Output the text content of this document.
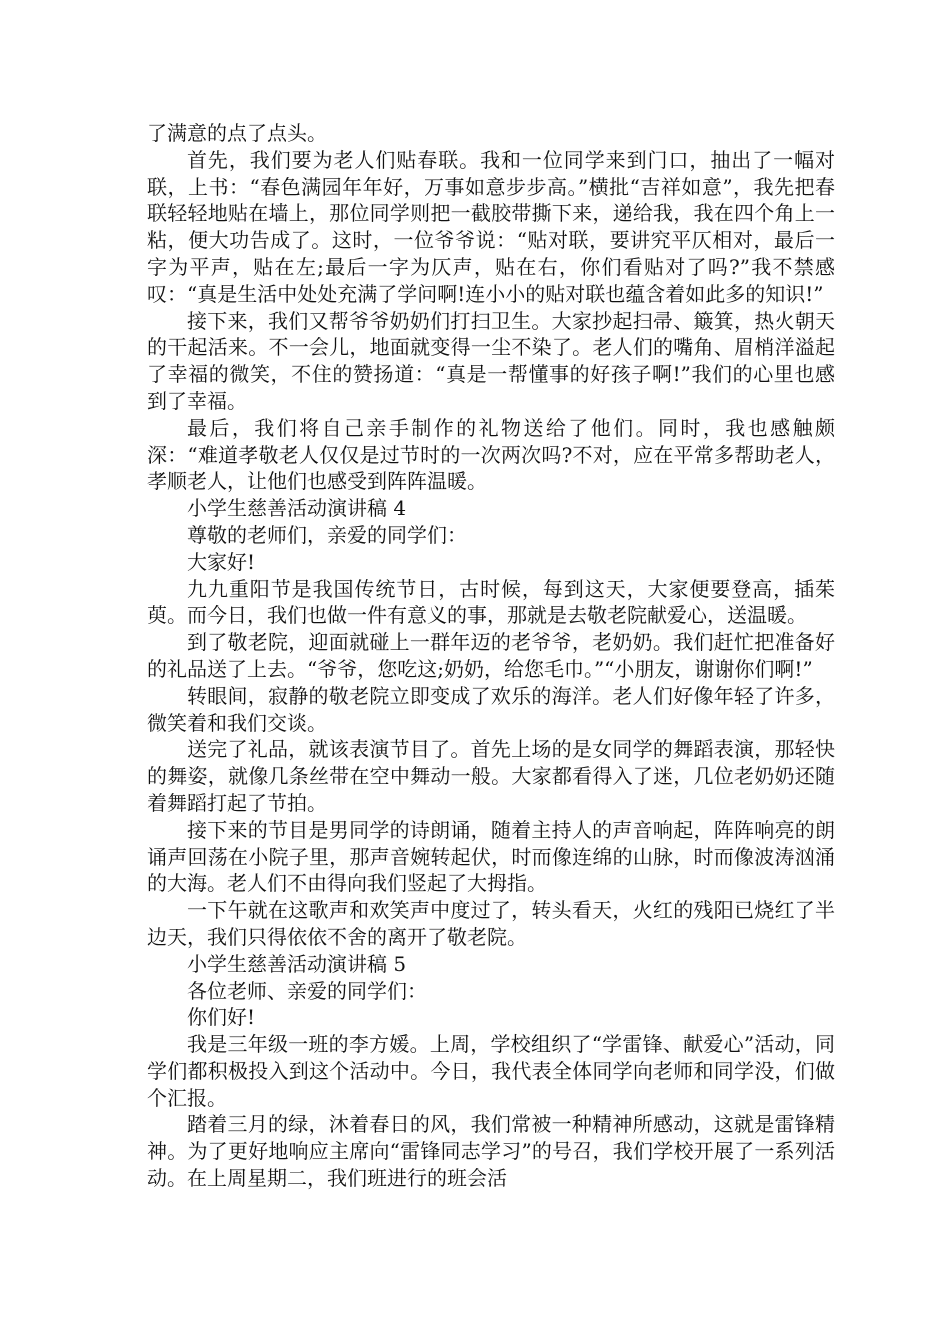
了满意的点了点头。

首先，我们要为老人们贴春联。我和一位同学来到门口，抽出了一幅对联，上书：“春色满园年年好，万事如意步步高。”横批“吉祥如意”，我先把春联轻轻地贴在墙上，那位同学则把一截胶带撕下来，递给我，我在四个角上一粘，便大功告成了。这时，一位爷爷说：“贴对联，要讲究平仄相对，最后一字为平声，贴在左;最后一字为仄声，贴在右，你们看贴对了吗?”我不禁感叹：“真是生活中处处充满了学问啊!连小小的贴对联也蕴含着如此多的知识!”

接下来，我们又帮爷爷奶奶们打扫卫生。大家抄起扫帚、簸箕，热火朝天的干起活来。不一会儿，地面就变得一尘不染了。老人们的嘴角、眉梢洋溢起了幸福的微笑，不住的赞扬道：“真是一帮懂事的好孩子啊!”我们的心里也感到了幸福。

最后，我们将自己亲手制作的礼物送给了他们。同时，我也感触颇深：“难道孝敬老人仅仅是过节时的一次两次吗?不对，应在平常多帮助老人，孝顺老人，让他们也感受到阵阵温暖。

小学生慈善活动演讲稿 4

尊敬的老师们，亲爱的同学们：

大家好!

九九重阳节是我国传统节日，古时候，每到这天，大家便要登高，插茱萸。而今日，我们也做一件有意义的事，那就是去敬老院献爱心，送温暖。

到了敬老院，迎面就碰上一群年迈的老爷爷，老奶奶。我们赶忙把准备好的礼品送了上去。“爷爷，您吃这;奶奶，给您毛巾。”“小朋友，谢谢你们啊!”

转眼间，寂静的敬老院立即变成了欢乐的海洋。老人们好像年轻了许多，微笑着和我们交谈。

送完了礼品，就该表演节目了。首先上场的是女同学的舞蹈表演，那轻快的舞姿，就像几条丝带在空中舞动一般。大家都看得入了迷，几位老奶奶还随着舞蹈打起了节拍。

接下来的节目是男同学的诗朗诵，随着主持人的声音响起，阵阵响亮的朗诵声回荡在小院子里，那声音婉转起伏，时而像连绵的山脉，时而像波涛汹涌的大海。老人们不由得向我们竖起了大拇指。

一下午就在这歌声和欢笑声中度过了，转头看天，火红的残阳已烧红了半边天，我们只得依依不舍的离开了敬老院。

小学生慈善活动演讲稿 5

各位老师、亲爱的同学们：

你们好!

我是三年级一班的李方媛。上周，学校组织了“学雷锋、献爱心”活动，同学们都积极投入到这个活动中。今日，我代表全体同学向老师和同学没，们做个汇报。

踏着三月的绿，沐着春日的风，我们常被一种精神所感动，这就是雷锋精神。为了更好地响应主席向“雷锋同志学习”的号召，我们学校开展了一系列活动。在上周星期二，我们班进行的班会活
